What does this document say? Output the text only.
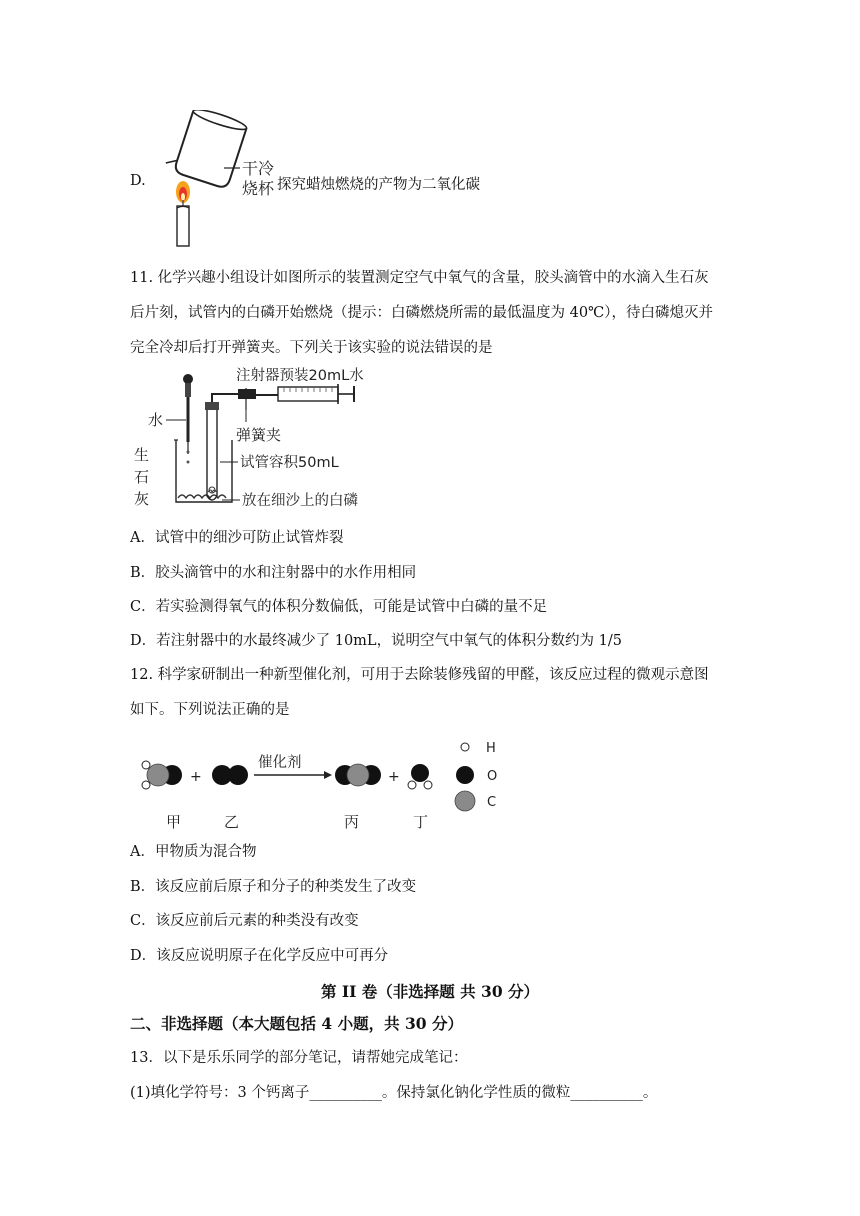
D.
干冷
烧杯 探究蜡烛燃烧的产物为二氧化碳
11. 化学兴趣小组设计如图所示的装置测定空气中氧气的含量，胶头滴管中的水滴入生石灰
后片刻，试管内的白磷开始燃烧（提示：白磷燃烧所需的最低温度为 40℃），待白磷熄灭并
完全冷却后打开弹簧夹。下列关于该实验的说法错误的是
水
生
石
灰
弹簧夹
注射器预装20mL水
试管容积50mL
放在细沙上的白磷
A．试管中的细沙可防止试管炸裂
B．胶头滴管中的水和注射器中的水作用相同
C．若实验测得氧气的体积分数偏低，可能是试管中白磷的量不足
D．若注射器中的水最终减少了 10mL，说明空气中氧气的体积分数约为 1/5
12. 科学家研制出一种新型催化剂，可用于去除装修残留的甲醛，该反应过程的微观示意图
如下。下列说法正确的是
+
催化剂
+
甲	乙	丙	丁
H
O
C
A．甲物质为混合物
B．该反应前后原子和分子的种类发生了改变
C．该反应前后元素的种类没有改变
D．该反应说明原子在化学反应中可再分
第 II 卷（非选择题 共 30 分）
二、非选择题（本大题包括 4 小题，共 30 分）
13．以下是乐乐同学的部分笔记，请帮她完成笔记：
(1)填化学符号：3 个钙离子__________。保持氯化钠化学性质的微粒__________。
